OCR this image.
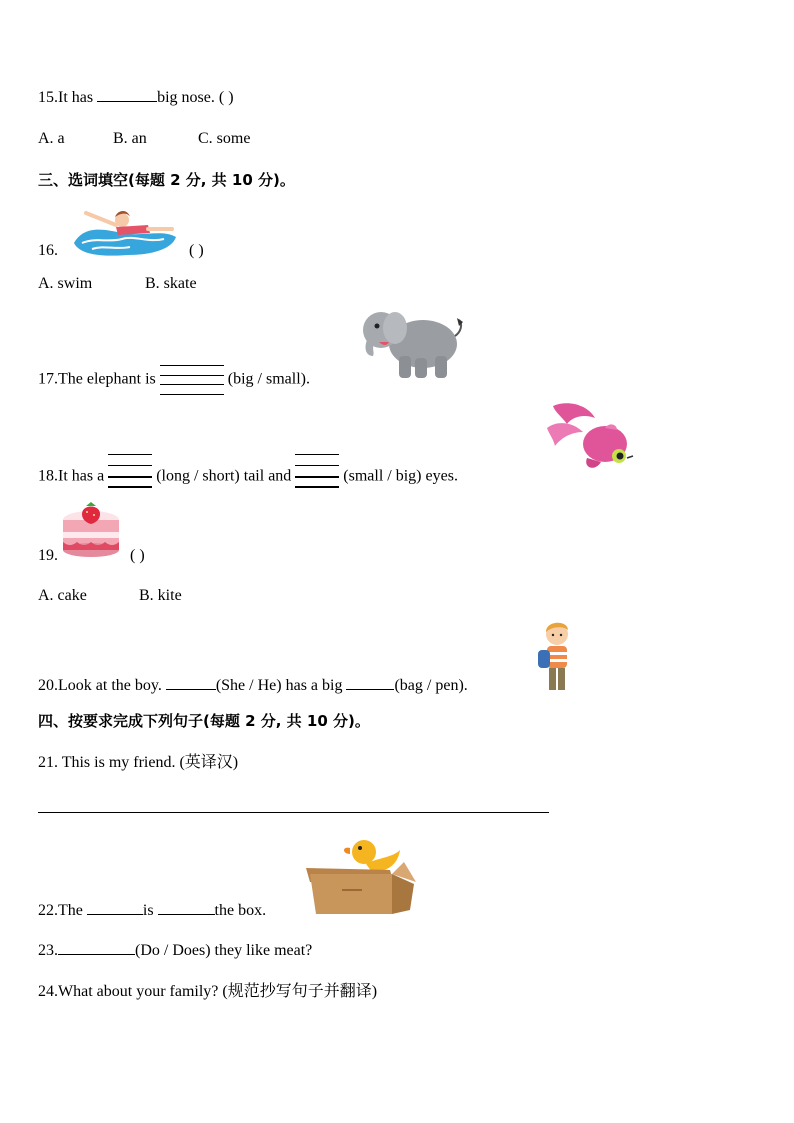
15.It has	big nose. ( )
A. a	B. an	C. some
三、选词填空(每题 2 分, 共 10 分)。
16.	( )
A. swim	B. skate
17.The elephant is	(big / small).
18.It has a	(long / short) tail and	(small / big) eyes.
19.	( )
A. cake	B. kite
20.Look at the boy.	(She / He) has a big	(bag / pen).
四、按要求完成下列句子(每题 2 分, 共 10 分)。
21. This is my friend. (英译汉)
22.The	is	the box.
23.	(Do / Does) they like meat?
24.What about your family? (规范抄写句子并翻译)
